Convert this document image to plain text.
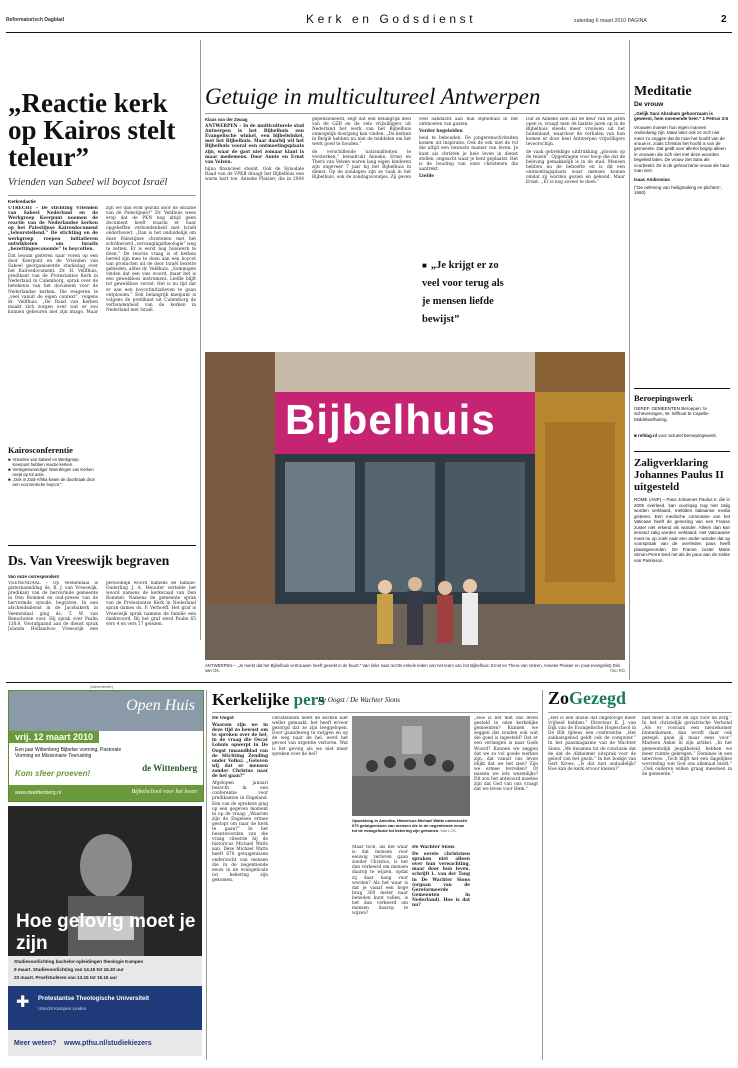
Reformatorisch Dagblad	Kerk en Godsdienst	zaterdag 6 maart 2010 PAGINA	2
„Reactie kerk op Kairos stelt teleur”
Vrienden van Sabeel wil boycot Israël
Kerkredactie

UTRECHT – De stichting Vrienden van Sabeel Nederland en de Werkgroep Keerpunt noemen de reactie van de Nederlandse kerken op het Palestijnse Kairosdocument „teleurstellend.” De stichting en de werkgroep roepen initiatieven ontwikkelen om Israëls „bezettingseconomie” te boycotten.

Dat lewam gisteren naar voren op een door Keerpunt en de Vrienden van Sabeel georganiseerde studiedag over het Kairosdocument. Dr. H. Vellfhuis, predikant van de Protestantse Kerk in Nederland in Culemborg, sprak over de betekenis van het document voor de Nederlandse kerken. Die reageren te „veel vanuit de eigen context”, volgens dr. Vellfhuis. „De Raad van Kerken maakt zich zorgen over wat er zou kunnen gebeuren met zijn imago. Maar zijn we dan echt gezuld door de situatie van de Palestijnen?” Dr. Veldhuis wees erop dat de PKN nog altijd geen document heeft waarin er haar opgeheffen verbondenheid met Israël onderbouwt. „Dan is het onduidelijk om deze Palestijnse christenen met het schrikwoord „vervangingstheologie” weg te zetten. Er is eerst nog huiswerk te doen.” De reactie vraag is of kerken bereid zijn mee te doen aan een boycot van producten uit de door Israël bezette gebieden, aldus dr. Veldhuis. „Sommigen vinden dat een vies woord, maar het is een geweldloos instrument. Liefde blijft tot geweldloos verzet. Het is nu tijd dat er aan een boycotinitiatieven te gaan ontplooien.” Een belangrijk knelpunt is volgens de predikant uit Culemborg de verbondenheid van de kerken in Nederland met Israël.

Kairosconferentie
■ Vrienden van Sabeel en Werkgroep Keerpunt hebben reactie kerken.
■ Vertegenwoordiger Woerdingen van Kerken roept op tot actie.
■ „Ook in Zuid-Afrika kwam de doorbraak door een economische boycot.”
Ds. Van Vreeswijk begraven
Van onze correspondent

VEENENDAAL – Op Veenendaal is gisternamiddag ds. B. J. van Vreeswijk, predikant van de hervormde gemeente in Den Bommel en oud-preses van de hervormde synode, begraven. In een afscheidsdienst in de Jacobakerk in Veenendaal ging ds. T. W. van Benschoten voor. Hij sprak over Psalm 138:8. Voorafgaand aan de dienst sprak Jolanda Hollandvoo Vreeswijk een persoonlijk woord namens de familie. Ouderling J. A. Meuuter vertelde het woord namens de kerkeraad van Den Bommel. Namens de gemeente sprak van de Protestantse Kerk in Nederland sprak dames ds. P. Verhoeff. Het graf is Vreeswijk sprak namens de familie een dankwoord. Bij het graf werd Psalm 65 vers 4 en vers 17 gelezen.

Getuige in multicultureel Antwerpen

Klaas van der Zwaag

ANTWERPEN – In de multiculturele stad Antwerpen is het Bijbelhuis een Evangelische winkel, een bijbelwinkel, met het Bijbelhuis. Maar daarbij wil het Bijbelhuis vooral een ontmoetingsplaats zijn, waar de gast niet zomaar klant is maar medemens. Door Annie en Ernst van Velzen.

bijna financieel steunt. Ook de Synodale Raad van de VPKB draagt het Bijbelhuis een warm hart toe. Anneke Plaisier, die in 2004 gepensioneerd, zegt dat een belangrijk deel van de GZB en de vele vrijwilligers uit Nederland het werk van het Bijbelhuis onmogelijk doorgang kan vinden. „De kerken in België hebben nu niet de middelen om het werk goed te houden.”

de verschillende nationaliteiten te versterken,” benadrukt Anneke. Ernst en Thera van Velzen waren lang eigen kinderen zijn ongeveer 7 jaar bij het Bijbelhuis in dienst. Op de zondagen zijn ze vaak in het Bijbelhuis, ook de zondagavondjes. Zij geven veel aandacht aan hun Bijbelhuis in het ontmoeten van gasten.

Verder begeleiden

heid te behouden. De jongerenactiviteiten komen uit inspiratie. Ook de ook niet de rol die altijd een bewuste manier van leven. Je kunt als christen je hele leven in dienst stellen, ongeacht waar je bent geplaatst. Het is de houding van onze christenen die aantrekt.

Liefde

Dat ze Anneke zien dat de deur van de jaren open is, vraagt men de laatste jaren op in de Bijbelhuis steeds meer vrouwen uit het buitenland, waardoor de verhalen van hun komen er door heel Antwerpen vrijwilligers tevoorschijn.

de vaak gebrekkige uitdrukking „plooien op de reizen”. Opgedragen voor hoop die dat de beleving gemakkelijk is in de stad. Mensen hebben nu de behoefte en is dit een ontmoetingsplaats waar mensen komen omdat zij worden gezien en gekend. Maar Ernst: ,,Er is nog zoveel te doen.”

■ „Je krijgt er zo veel voor terug als je mensen liefde bewijst”
Bijbelhuis
ANTWERPEN – „Je merkt dat het Bijbelhuis vertrouwen heeft gewekt in de buurt.” Van links naar rechts enkele leden van het team van het Bijbelhuis: Ernst en Thera van Velzen, Anneke Plaisier en (oud-evangelist) Dini van Os.	foto RD
Meditatie
De vrouw

„Gelijk Sara Abraham gehoorzaam is geweest, hem noemende heer.” 1 Petrus 3:6

Vrouwen moeten hun eigen mannen onderdanig zijn. Maar later ook ze zich niet meer zo zeggen dat de man het hoofd van de vrouw is, zoals Christus het hoofd is van de gemeente. Dat geldt voor allerlei begrip alleen in vrouwen die zich niet met deze woorden begeleid laten. De vrouw ziet Sara als voorbeeld. Ze is de gehoorzame vrouw die haar man eert.

Isaac Ambrosius

("De oefening van heiligmaking en plichten", 1660)

Beroepingswerk
GEREF. GEMEENTEN Beroepen: te Scheveningen, W. Silfhout te Capelle-Middelwelharing.
■ refdag.nl voor actueel beroepingswerk.
Zaligverklaring Johannes Paulus II uitgesteld
ROME (ANP) – Paus Johannes Paulus II, die in 2005 overleed, kan voorlopig nog niet zalig worden verklaard, meldden Italiaanse media gisteren. Een medische commissie van het Vaticaan heeft de genezing van een Franse zuster niet erkend als wonder. Alleen dan kan iemand zalig worden verklaard. Het Vaticaanse moet nu op zoek naar een ander wonder dat op voorspraak van de overleden paus heeft plaatsgevonden. De Franse zuster Marie Simon-Pierre leed net als de paus aan de ziekte van Parkinson.
(Advertentie)
Open Huis
vrij. 12 maart 2010
Een jaar Wittenberg Bijbelse vorming, Pastorale Vorming en Missionaire Toerusting
Kom sfeer proeven!
de Wittenberg
www.dewittenberg.nl	Bijbelschool voor het leven
Hoe gelovig moet je zijn
Studievoorlichting bachelor-opleidingen theologie Kampen
9 maart. Studievoorlichting van 14.15 tot 16.30 uur
23 maart. Proefstuderen van 13.15 tot 15.15 uur
✚ Protestantse Theologische Universiteit
Utrecht Kampen Leiden
Meer weten? www.pthu.nl/studiekiezers
Kerkelijke pers
De Oogst / De Wachter Sions

De Oogst

Waarom zijn we in deze tijd zo bewust om te spreken over de hel, in de vraag die Oscar Lohuis opwerpt in De Oogst (maandblad van de Stichting Zending onder Volks). „Geloven wij dat er mensen zonder Christus naar de hel gaan?”

Afgelopen januari bezocht ik een conferentie voor predikanten in Engeland. Een van de sprekers ging op een gegeven moment in op de vraag: „Waarom zijn de Engelsen ermee gestopt om naar de kerk te gaan?” In het beantwoorden van die vraag citeerde hij de historicus Michael Watts aan. Deze Michael Watts heeft 670 getuigenissen onderzocht van mensen die in de negentiende eeuw in de evangelicale tot bekering zijn gekomen.

christendom heeft de kerken niet weller gemaakt, het heeft ervoor gezorgd dat ze zijn leeggelopen. Door gaandeweg te zwijgen en op de weg naar de hel, werd het gevoel van urgentie verloren. Wat is het gevolg als we niet meer spreken over de hel?

Opwekking in Amerika. Historicus Michael Watts onderzocht 670 getuigenissen van mensen die in de negentiende eeuw tot de evangelicale tot bekering zijn gekomen. foto LOC

Maar toch, als het waar is dat mensen voor eeuwig verloren gaan zonder Christus, is het dan verkeerd om mensen daarop te wijzen, opdat zij daar bang voor worden? Als het waar is dat je vanaf een hoge brug 300 meter naar beneden kunt vallen, is het dan verkeerd om mensen daarop te wijzen?

De Wachter Sions

De eerste christenen spraken niet alleen over hun verwachting, maar door hun leven, schrijft L. van der Tang in De Wachter Sions (orgaan van de Gereformeerde Gemeenten in Nederland). Hoe is dat nu?

„Hoe is het met ons leven gesteld in onze kerkelijke gemeenten? Kunnen we zeggen dat zouden ook wat die goed is ingesteld? Dat er een verlangen is naar Gods Woord? Kunnen we zeggen dat we zo vol goede werken zijn, dat vanuit ons leven blijkt dat we het zien? Zijn we ermee tevreden? Of missen we iets wezenlijks? Dit zou het antwoord moeten zijn dat God van ons vraagt dat we leven voor Hem.”

ZoGezegd

„Het is een illusie dat ongelovige meer vrijheid hebben.” Directeur K. J. van Dijk van de Evangelische Hogeschool in De Bilt tijdens een conferentie. „Het sabbatsgebod geldt ook de computer.” In het paasmagazine van de Wachter Sions. „We kwamen tot de conclusie dat de dat de Alzheimer uitsprak voor de geloof van het gezin.” In het boekje van Gert Kroes. „Is dat niet onduidelijk? Hoe kan de kerk ervoor kiezen?”

niet meer in orde en zijn voor de zorg.” In het christelijk geriatrische Verbond „Als er vooraan een nieuwkomer binnenkomen, dan wordt daar ook gezegd: gaan jij maar eens voor.” Marleen Ankel in zijn artikel. „In het gemeentelijk jeugdbeleid, hebben we meer ruimte gekregen.” Dominee in een interview. „Toch blijft het een dagelijkse worsteling wat God ons allemaal biedt.” „Ook ouderen willen graag meedoen in de gemeente.”
